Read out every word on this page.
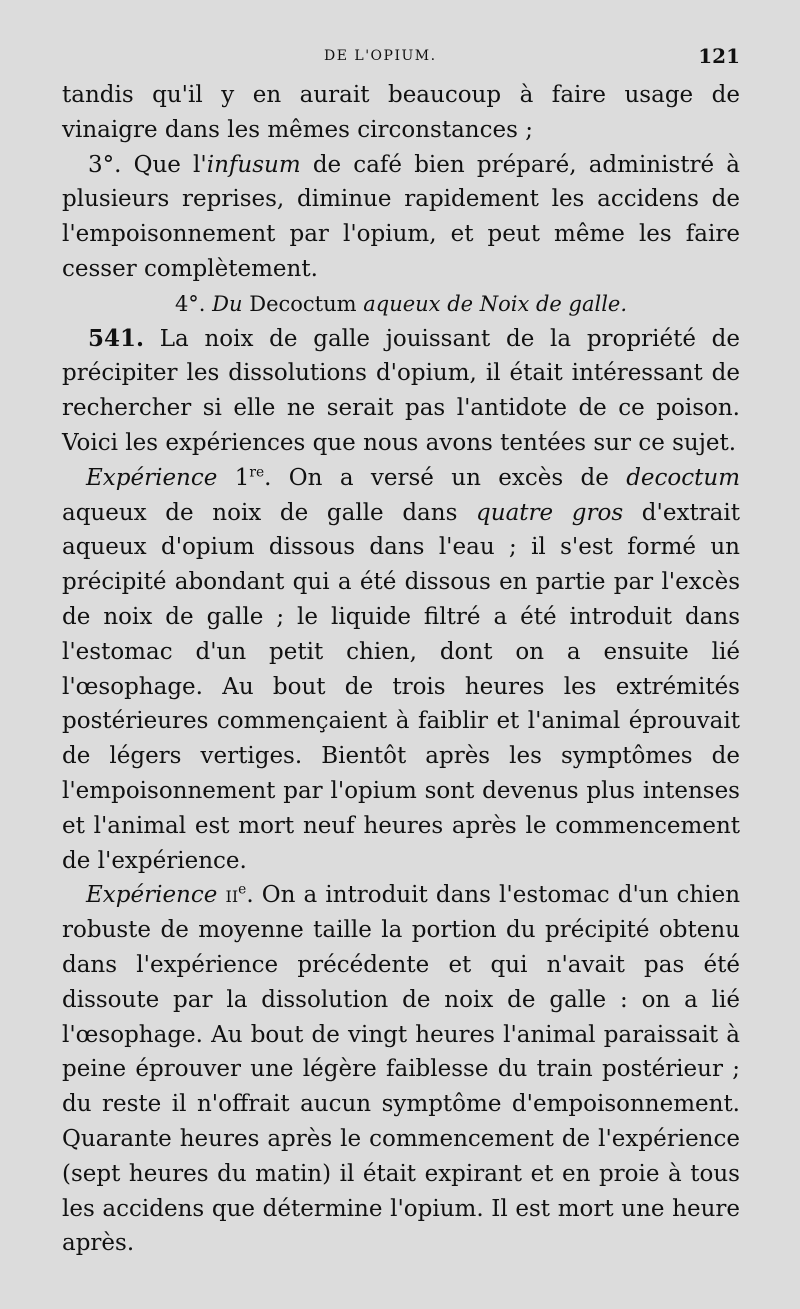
DE L'OPIUM.	121

tandis qu'il y en aurait beaucoup à faire usage de vinaigre dans les mêmes circonstances ;

3°. Que l'infusum de café bien préparé, administré à plusieurs reprises, diminue rapidement les accidens de l'empoisonnement par l'opium, et peut même les faire cesser complètement.

4°. Du Decoctum aqueux de Noix de galle.

541. La noix de galle jouissant de la propriété de précipiter les dissolutions d'opium, il était intéressant de rechercher si elle ne serait pas l'antidote de ce poison. Voici les expériences que nous avons tentées sur ce sujet.

Expérience 1re. On a versé un excès de decoctum aqueux de noix de galle dans quatre gros d'extrait aqueux d'opium dissous dans l'eau ; il s'est formé un précipité abondant qui a été dissous en partie par l'excès de noix de galle ; le liquide filtré a été introduit dans l'estomac d'un petit chien, dont on a ensuite lié l'œsophage. Au bout de trois heures les extrémités postérieures commençaient à faiblir et l'animal éprouvait de légers vertiges. Bientôt après les symptômes de l'empoisonnement par l'opium sont devenus plus intenses et l'animal est mort neuf heures après le commencement de l'expérience.

Expérience $ii^e$. On a introduit dans l'estomac d'un chien robuste de moyenne taille la portion du précipité obtenu dans l'expérience précédente et qui n'avait pas été dissoute par la dissolution de noix de galle : on a lié l'œsophage. Au bout de vingt heures l'animal paraissait à peine éprouver une légère faiblesse du train postérieur ; du reste il n'offrait aucun symptôme d'empoisonnement. Quarante heures après le commencement de l'expérience (sept heures du matin) il était expirant et en proie à tous les accidens que détermine l'opium. Il est mort une heure après.
